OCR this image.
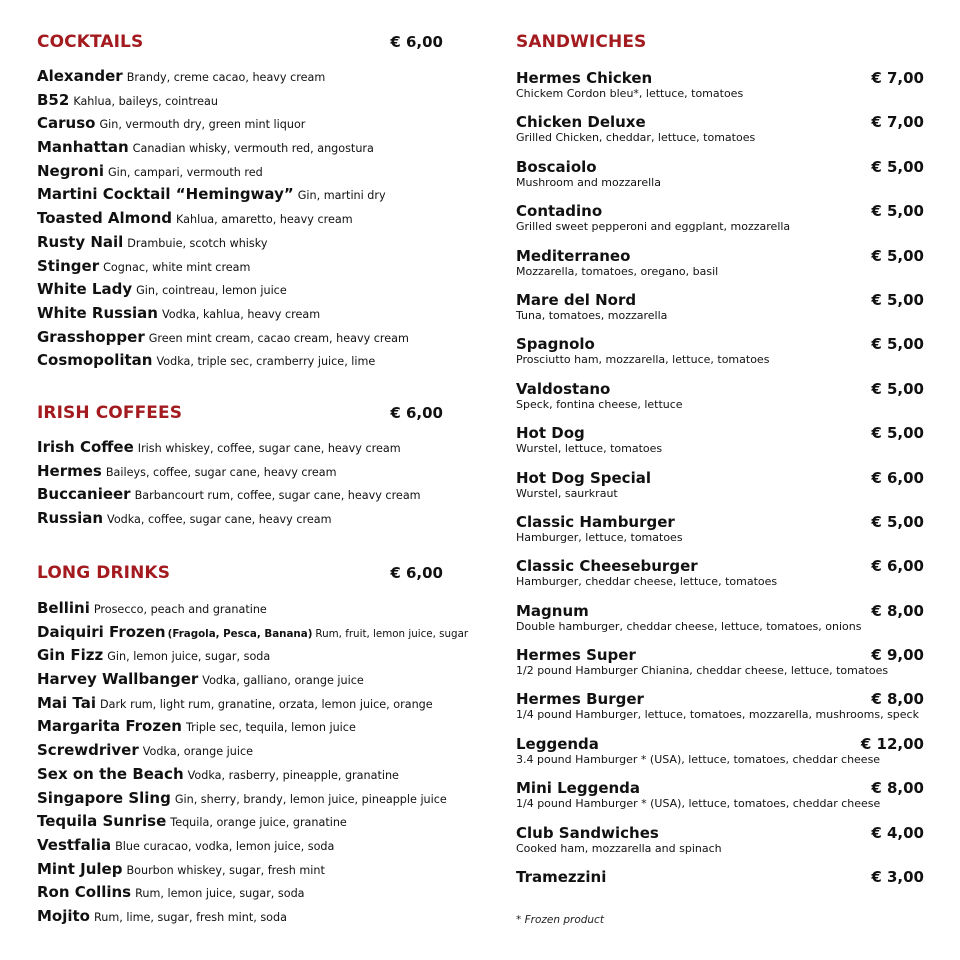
COCKTAILS	€ 6,00
Alexander Brandy, creme cacao, heavy cream
B52 Kahlua, baileys, cointreau
Caruso Gin, vermouth dry, green mint liquor
Manhattan Canadian whisky, vermouth red, angostura
Negroni Gin, campari, vermouth red
Martini Cocktail “Hemingway” Gin, martini dry
Toasted Almond Kahlua, amaretto, heavy cream
Rusty Nail Drambuie, scotch whisky
Stinger Cognac, white mint cream
White Lady Gin, cointreau, lemon juice
White Russian Vodka, kahlua, heavy cream
Grasshopper Green mint cream, cacao cream, heavy cream
Cosmopolitan Vodka, triple sec, cramberry juice, lime
IRISH COFFEES	€ 6,00
Irish Coffee Irish whiskey, coffee, sugar cane, heavy cream
Hermes Baileys, coffee, sugar cane, heavy cream
Buccanieer Barbancourt rum, coffee, sugar cane, heavy cream
Russian Vodka, coffee, sugar cane, heavy cream
LONG DRINKS	€ 6,00
Bellini Prosecco, peach and granatine
Daiquiri Frozen (Fragola, Pesca, Banana) Rum, fruit, lemon juice, sugar
Gin Fizz Gin, lemon juice, sugar, soda
Harvey Wallbanger Vodka, galliano, orange juice
Mai Tai Dark rum, light rum, granatine, orzata, lemon juice, orange
Margarita Frozen Triple sec, tequila, lemon juice
Screwdriver Vodka, orange juice
Sex on the Beach Vodka, rasberry, pineapple, granatine
Singapore Sling Gin, sherry, brandy, lemon juice, pineapple juice
Tequila Sunrise Tequila, orange juice, granatine
Vestfalia Blue curacao, vodka, lemon juice, soda
Mint Julep Bourbon whiskey, sugar, fresh mint
Ron Collins Rum, lemon juice, sugar, soda
Mojito Rum, lime, sugar, fresh mint, soda
SANDWICHES
Hermes Chicken	€ 7,00
Chickem Cordon bleu*, lettuce, tomatoes
Chicken Deluxe	€ 7,00
Grilled Chicken, cheddar, lettuce, tomatoes
Boscaiolo	€ 5,00
Mushroom and mozzarella
Contadino	€ 5,00
Grilled sweet pepperoni and eggplant, mozzarella
Mediterraneo	€ 5,00
Mozzarella, tomatoes, oregano, basil
Mare del Nord	€ 5,00
Tuna, tomatoes, mozzarella
Spagnolo	€ 5,00
Prosciutto ham, mozzarella, lettuce, tomatoes
Valdostano	€ 5,00
Speck, fontina cheese, lettuce
Hot Dog	€ 5,00
Wurstel, lettuce, tomatoes
Hot Dog Special	€ 6,00
Wurstel, saurkraut
Classic Hamburger	€ 5,00
Hamburger, lettuce, tomatoes
Classic Cheeseburger	€ 6,00
Hamburger, cheddar cheese, lettuce, tomatoes
Magnum	€ 8,00
Double hamburger, cheddar cheese, lettuce, tomatoes, onions
Hermes Super	€ 9,00
1/2 pound Hamburger Chianina, cheddar cheese, lettuce, tomatoes
Hermes Burger	€ 8,00
1/4 pound Hamburger, lettuce, tomatoes, mozzarella, mushrooms, speck
Leggenda	€ 12,00
3.4 pound Hamburger * (USA), lettuce, tomatoes, cheddar cheese
Mini Leggenda	€ 8,00
1/4 pound Hamburger * (USA), lettuce, tomatoes, cheddar cheese
Club Sandwiches	€ 4,00
Cooked ham, mozzarella and spinach
Tramezzini	€ 3,00
* Frozen product
